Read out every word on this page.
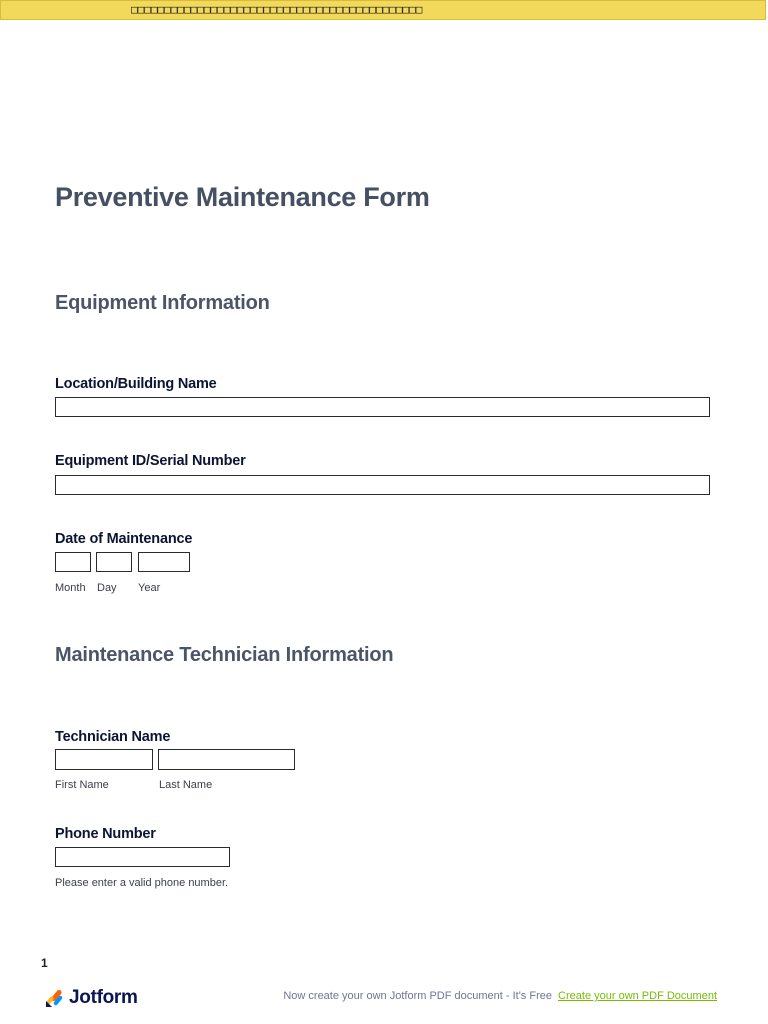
□□□□□□□□□□□□□□□□□□□□□□□□□□□□□□□□□□□□□□□□□□□□
Preventive Maintenance Form
Equipment Information
Location/Building Name
Equipment ID/Serial Number
Date of Maintenance
Month Day Year
Maintenance Technician Information
Technician Name
First Name	Last Name
Phone Number
Please enter a valid phone number.
1
Jotform	Now create your own Jotform PDF document - It's Free Create your own PDF Document
